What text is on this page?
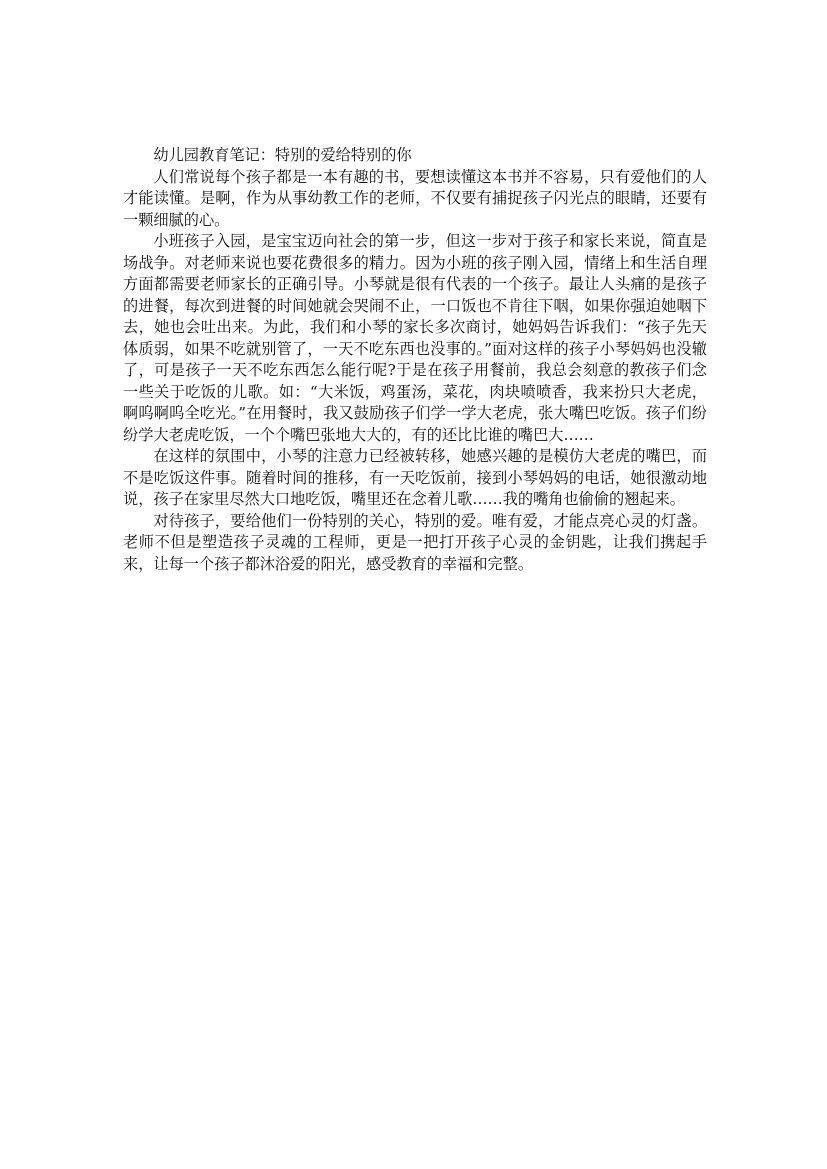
幼儿园教育笔记：特别的爱给特别的你

人们常说每个孩子都是一本有趣的书，要想读懂这本书并不容易，只有爱他们的人才能读懂。是啊，作为从事幼教工作的老师，不仅要有捕捉孩子闪光点的眼睛，还要有一颗细腻的心。

小班孩子入园，是宝宝迈向社会的第一步，但这一步对于孩子和家长来说，简直是场战争。对老师来说也要花费很多的精力。因为小班的孩子刚入园，情绪上和生活自理方面都需要老师家长的正确引导。小琴就是很有代表的一个孩子。最让人头痛的是孩子的进餐，每次到进餐的时间她就会哭闹不止，一口饭也不肯往下咽，如果你强迫她咽下去，她也会吐出来。为此，我们和小琴的家长多次商讨，她妈妈告诉我们：“孩子先天体质弱，如果不吃就别管了，一天不吃东西也没事的。”面对这样的孩子小琴妈妈也没辙了，可是孩子一天不吃东西怎么能行呢?于是在孩子用餐前，我总会刻意的教孩子们念一些关于吃饭的儿歌。如：“大米饭，鸡蛋汤，菜花，肉块喷喷香，我来扮只大老虎，啊呜啊呜全吃光。”在用餐时，我又鼓励孩子们学一学大老虎，张大嘴巴吃饭。孩子们纷纷学大老虎吃饭，一个个嘴巴张地大大的，有的还比比谁的嘴巴大……

在这样的氛围中，小琴的注意力已经被转移，她感兴趣的是模仿大老虎的嘴巴，而不是吃饭这件事。随着时间的推移，有一天吃饭前，接到小琴妈妈的电话，她很激动地说，孩子在家里尽然大口地吃饭，嘴里还在念着儿歌……我的嘴角也偷偷的翘起来。

对待孩子，要给他们一份特别的关心，特别的爱。唯有爱，才能点亮心灵的灯盏。老师不但是塑造孩子灵魂的工程师，更是一把打开孩子心灵的金钥匙，让我们携起手来，让每一个孩子都沐浴爱的阳光，感受教育的幸福和完整。
